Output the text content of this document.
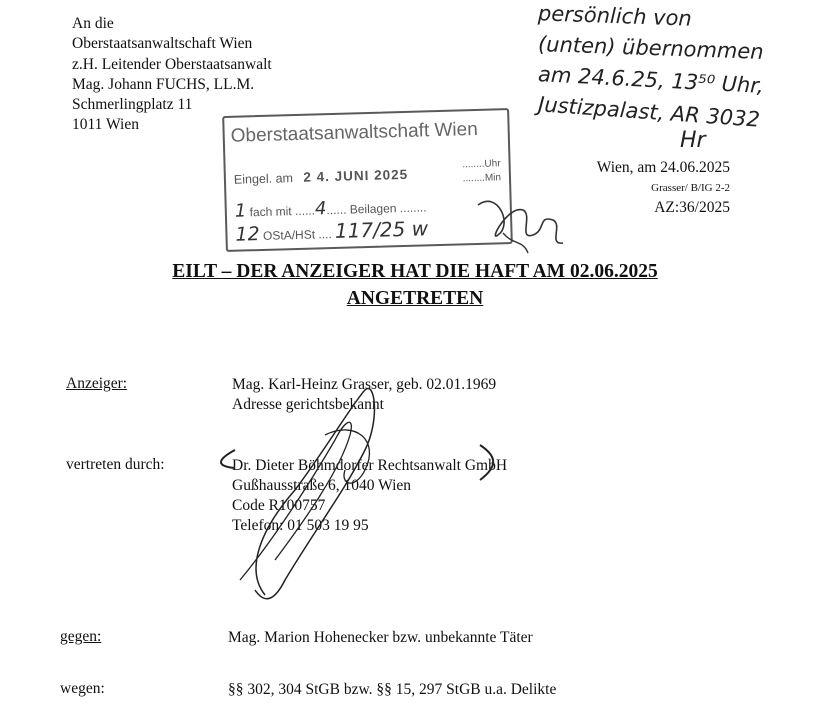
An die
Oberstaatsanwaltschaft Wien
z.H. Leitender Oberstaatsanwalt
Mag. Johann FUCHS, LL.M.
Schmerlingplatz 11
1011 Wien
persönlich von
(unten) übernommen
am 24.6.25, 13⁵⁰ Uhr,
Justizpalast, AR 3032
Hr
Oberstaatsanwaltschaft Wien
Eingel. am 2 4. JUNI 2025
........Uhr
........Min
1 fach mit ......4...... Beilagen ........
12 OStA/HSt .... 117/25 w
Wien, am 24.06.2025
Grasser/ B/IG 2-2
AZ:36/2025
EILT – DER ANZEIGER HAT DIE HAFT AM 02.06.2025
ANGETRETEN
Anzeiger:	Mag. Karl-Heinz Grasser, geb. 02.01.1969
Adresse gerichtsbekannt
vertreten durch:	Dr. Dieter Böhmdorfer Rechtsanwalt GmbH
Gußhausstraße 6, 1040 Wien
Code R100757
Telefon: 01 503 19 95
gegen:	Mag. Marion Hohenecker bzw. unbekannte Täter
wegen:	§§ 302, 304 StGB bzw. §§ 15, 297 StGB u.a. Delikte
